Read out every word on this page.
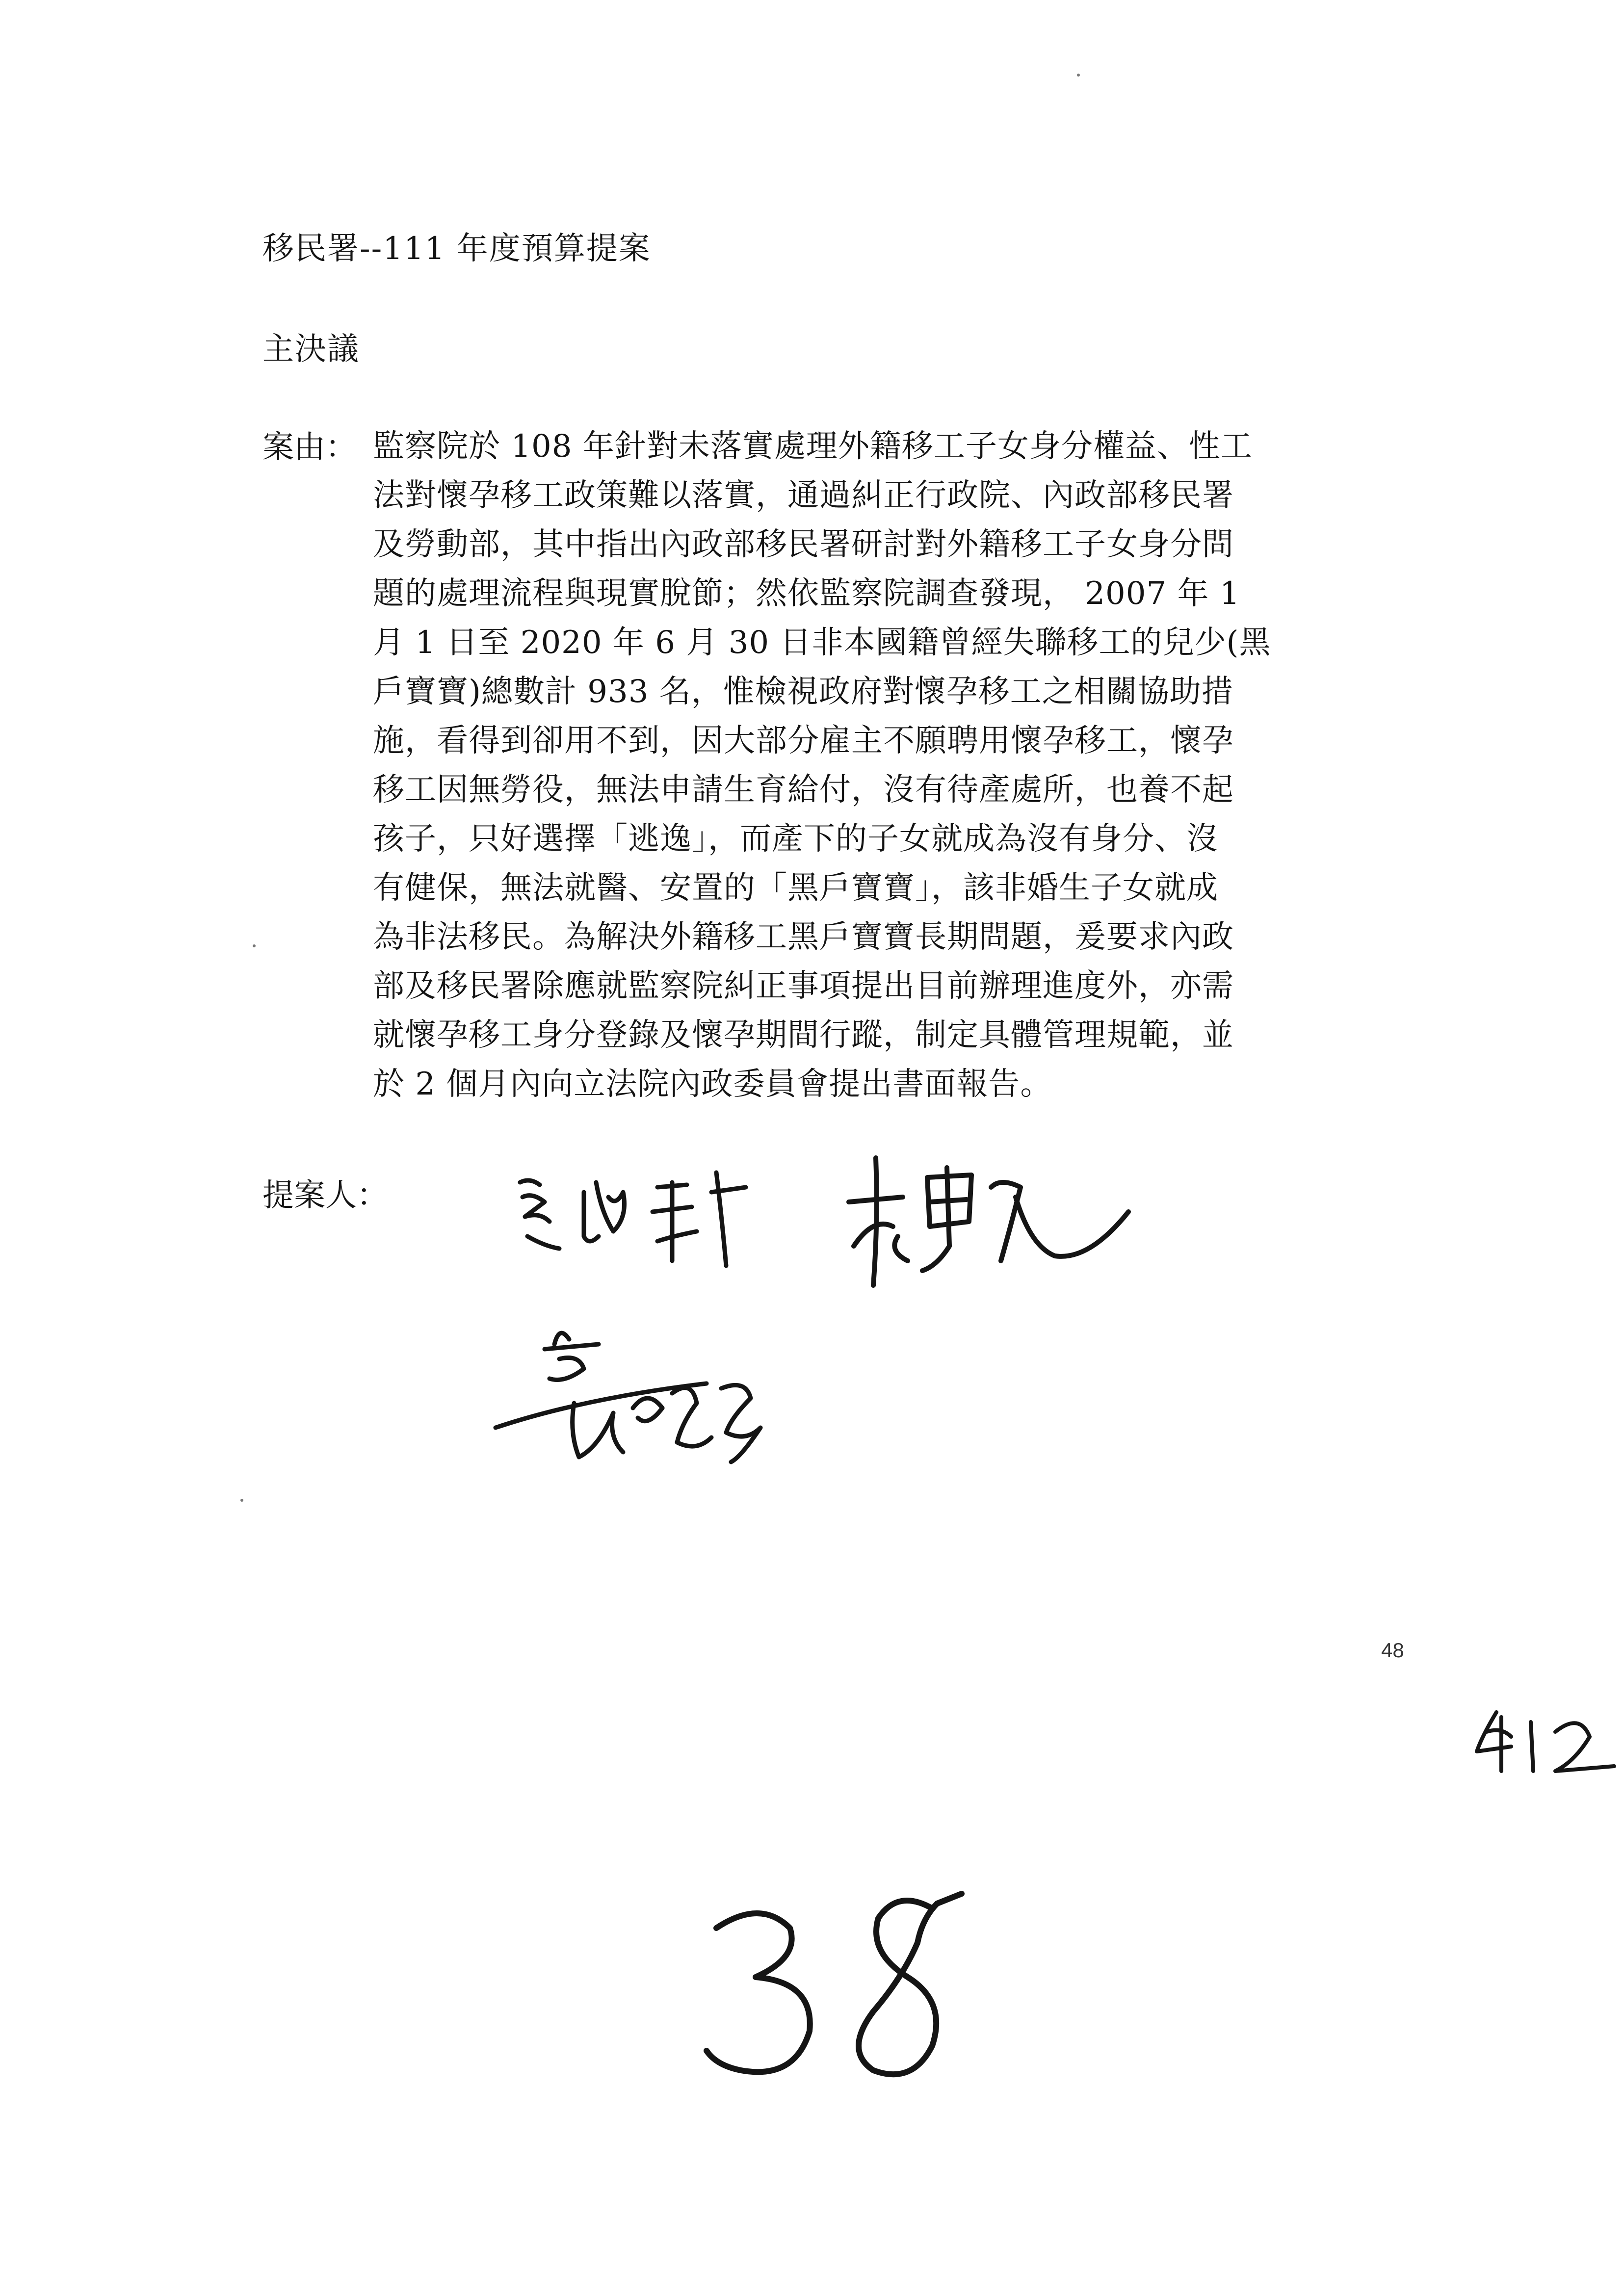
移民署--111 年度預算提案
主決議
案由： 監察院於 108 年針對未落實處理外籍移工子女身分權益、性工
法對懷孕移工政策難以落實，通過糾正行政院、內政部移民署
及勞動部，其中指出內政部移民署研討對外籍移工子女身分問
題的處理流程與現實脫節；然依監察院調查發現， 2007 年 1
月 1 日至 2020 年 6 月 30 日非本國籍曾經失聯移工的兒少(黑
戶寶寶)總數計 933 名，惟檢視政府對懷孕移工之相關協助措
施，看得到卻用不到，因大部分雇主不願聘用懷孕移工，懷孕
移工因無勞役，無法申請生育給付，沒有待產處所，也養不起
孩子，只好選擇「逃逸」，而產下的子女就成為沒有身分、沒
有健保，無法就醫、安置的「黑戶寶寶」，該非婚生子女就成
為非法移民。為解決外籍移工黑戶寶寶長期問題，爰要求內政
部及移民署除應就監察院糾正事項提出目前辦理進度外，亦需
就懷孕移工身分登錄及懷孕期間行蹤，制定具體管理規範，並
於 2 個月內向立法院內政委員會提出書面報告。
提案人：
48
